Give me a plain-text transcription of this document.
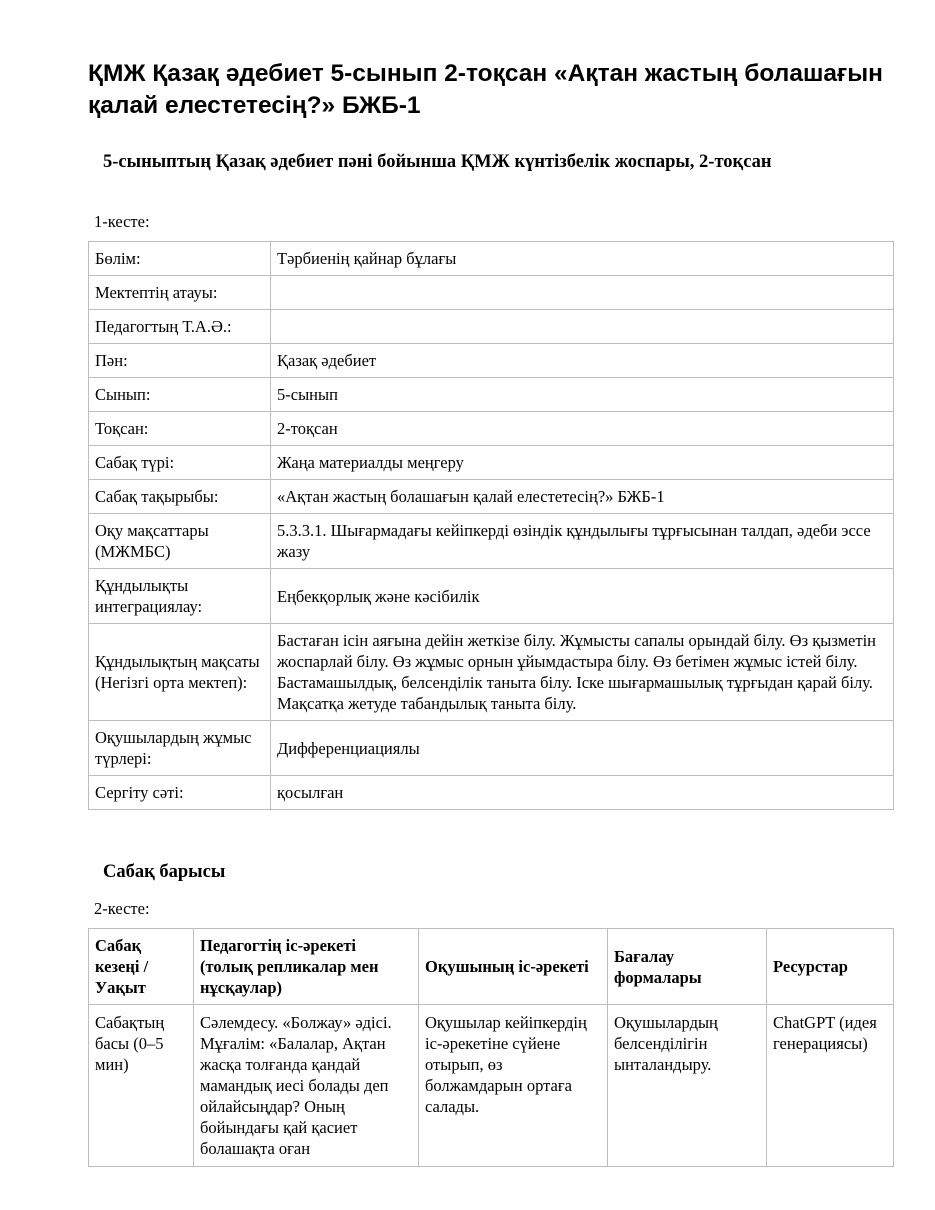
ҚМЖ Қазақ әдебиет 5-сынып 2-тоқсан «Ақтан жастың болашағын қалай елестетесің?» БЖБ-1
5-сыныптың Қазақ әдебиет пәні бойынша ҚМЖ күнтізбелік жоспары, 2-тоқсан
1-кесте:
Бөлім:	Тәрбиенің қайнар бұлағы
Мектептің атауы:	
Педагогтың Т.А.Ә.:	
Пән:	Қазақ әдебиет
Сынып:	5-сынып
Тоқсан:	2-тоқсан
Сабақ түрі:	Жаңа материалды меңгеру
Сабақ тақырыбы:	«Ақтан жастың болашағын қалай елестетесің?» БЖБ-1
Оқу мақсаттары (МЖМБС)	5.3.3.1. Шығармадағы кейіпкерді өзіндік құндылығы тұрғысынан талдап, әдеби эссе жазу
Құндылықты интеграциялау:	Еңбекқорлық және кәсібилік
Құндылықтың мақсаты (Негізгі орта мектеп):	Бастаған ісін аяғына дейін жеткізе білу. Жұмысты сапалы орындай білу. Өз қызметін жоспарлай білу. Өз жұмыс орнын ұйымдастыра білу. Өз бетімен жұмыс істей білу. Бастамашылдық, белсенділік таныта білу. Іске шығармашылық тұрғыдан қарай білу. Мақсатқа жетуде табандылық таныта білу.
Оқушылардың жұмыс түрлері:	Дифференциациялы
Сергіту сәті:	қосылған
Сабақ барысы
2-кесте:
Сабақ кезеңі / Уақыт	Педагогтің іс-әрекеті (толық репликалар мен нұсқаулар)	Оқушының іс-әрекеті	Бағалау формалары	Ресурстар
Сабақтың басы (0–5 мин)	Сәлемдесу. «Болжау» әдісі. Мұғалім: «Балалар, Ақтан жасқа толғанда қандай мамандық иесі болады деп ойлайсыңдар? Оның бойындағы қай қасиет болашақта оған	Оқушылар кейіпкердің іс-әрекетіне сүйене отырып, өз болжамдарын ортаға салады.	Оқушылардың белсенділігін ынталандыру.	ChatGPT (идея генерациясы)
